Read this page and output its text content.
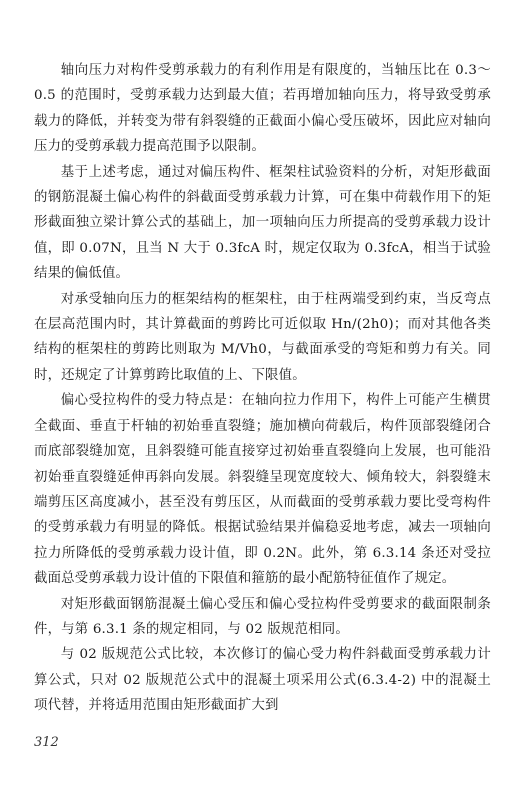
轴向压力对构件受剪承载力的有利作用是有限度的，当轴压比在 0.3～0.5 的范围时，受剪承载力达到最大值；若再增加轴向压力，将导致受剪承载力的降低，并转变为带有斜裂缝的正截面小偏心受压破坏，因此应对轴向压力的受剪承载力提高范围予以限制。

基于上述考虑，通过对偏压构件、框架柱试验资料的分析，对矩形截面的钢筋混凝土偏心构件的斜截面受剪承载力计算，可在集中荷载作用下的矩形截面独立梁计算公式的基础上，加一项轴向压力所提高的受剪承载力设计值，即 0.07N，且当 N 大于 0.3fcA 时，规定仅取为 0.3fcA，相当于试验结果的偏低值。

对承受轴向压力的框架结构的框架柱，由于柱两端受到约束，当反弯点在层高范围内时，其计算截面的剪跨比可近似取 Hn/(2h0)；而对其他各类结构的框架柱的剪跨比则取为 M/Vh0，与截面承受的弯矩和剪力有关。同时，还规定了计算剪跨比取值的上、下限值。

偏心受拉构件的受力特点是：在轴向拉力作用下，构件上可能产生横贯全截面、垂直于杆轴的初始垂直裂缝；施加横向荷载后，构件顶部裂缝闭合而底部裂缝加宽，且斜裂缝可能直接穿过初始垂直裂缝向上发展，也可能沿初始垂直裂缝延伸再斜向发展。斜裂缝呈现宽度较大、倾角较大，斜裂缝末端剪压区高度减小，甚至没有剪压区，从而截面的受剪承载力要比受弯构件的受剪承载力有明显的降低。根据试验结果并偏稳妥地考虑，减去一项轴向拉力所降低的受剪承载力设计值，即 0.2N。此外，第 6.3.14 条还对受拉截面总受剪承载力设计值的下限值和箍筋的最小配筋特征值作了规定。

对矩形截面钢筋混凝土偏心受压和偏心受拉构件受剪要求的截面限制条件，与第 6.3.1 条的规定相同，与 02 版规范相同。

与 02 版规范公式比较，本次修订的偏心受力构件斜截面受剪承载力计算公式，只对 02 版规范公式中的混凝土项采用公式(6.3.4-2) 中的混凝土项代替，并将适用范围由矩形截面扩大到

312
